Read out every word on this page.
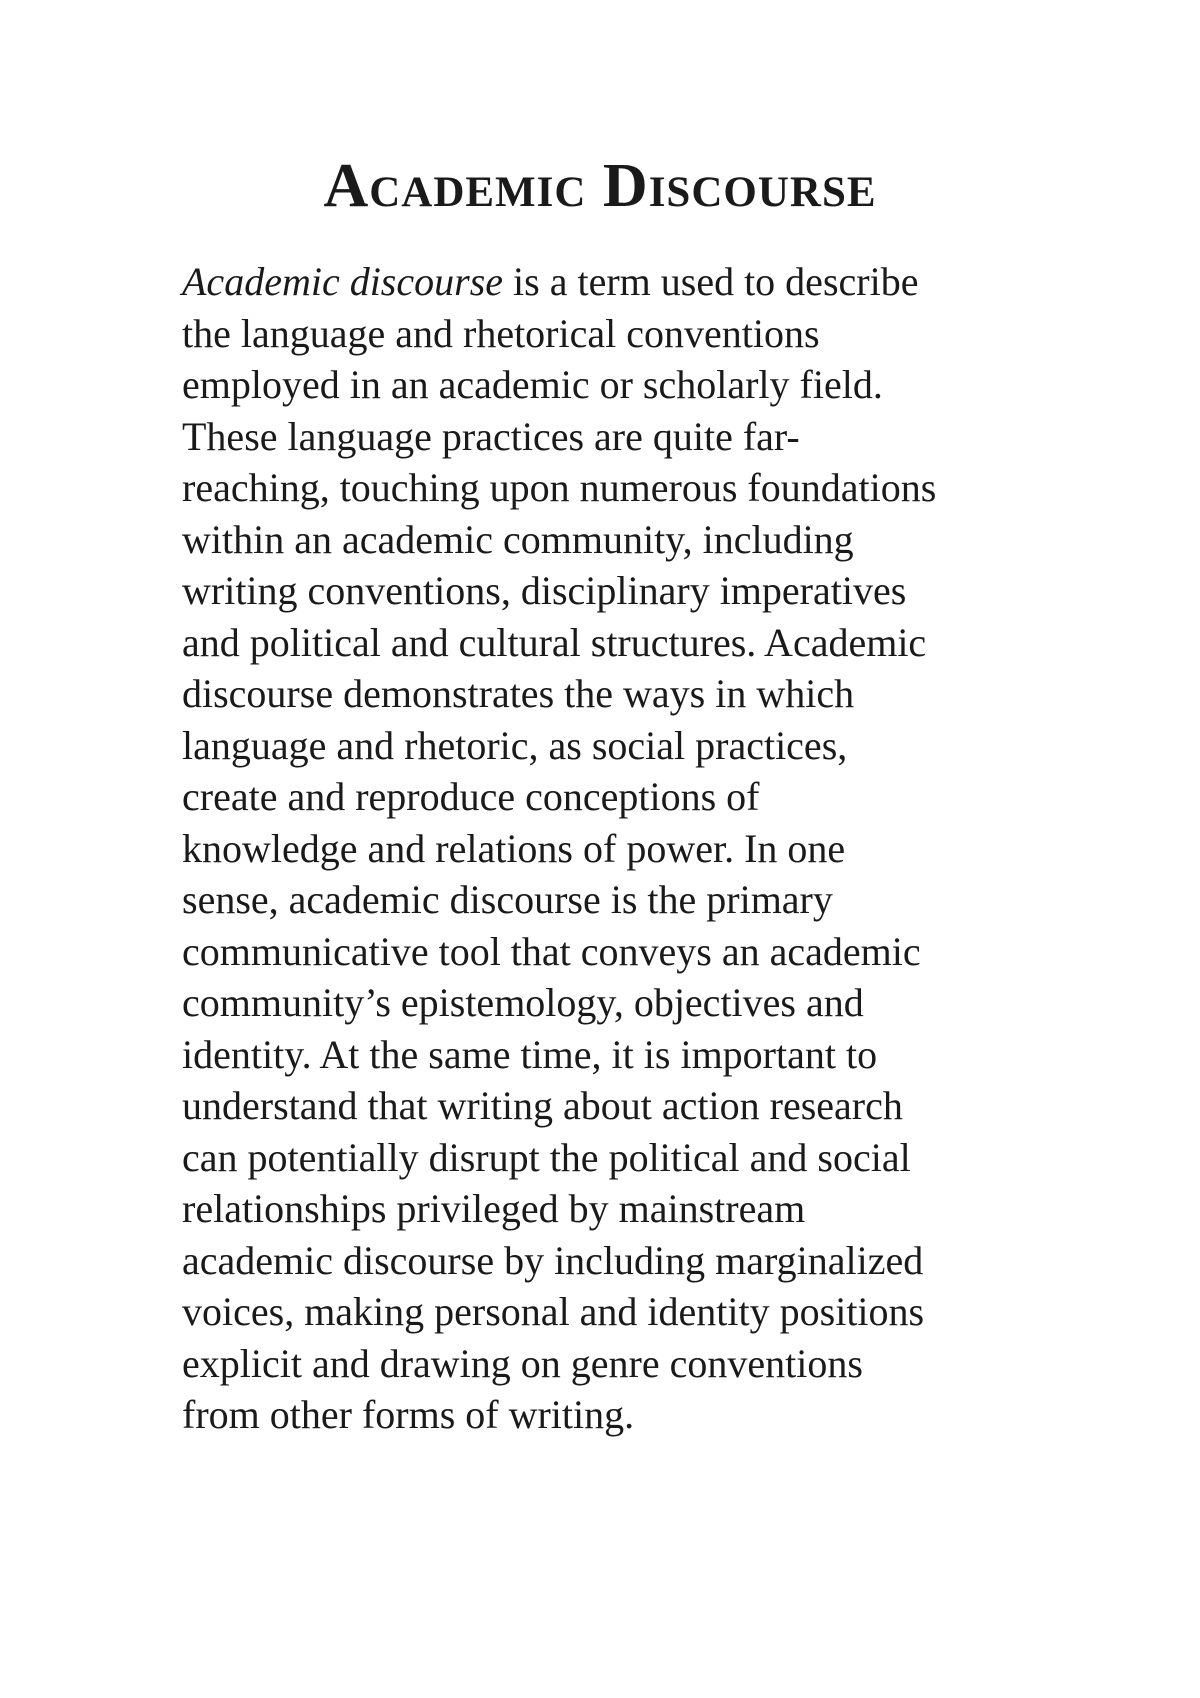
Academic Discourse

Academic discourse is a term used to describe
the language and rhetorical conventions
employed in an academic or scholarly field.
These language practices are quite far-
reaching, touching upon numerous foundations
within an academic community, including
writing conventions, disciplinary imperatives
and political and cultural structures. Academic
discourse demonstrates the ways in which
language and rhetoric, as social practices,
create and reproduce conceptions of
knowledge and relations of power. In one
sense, academic discourse is the primary
communicative tool that conveys an academic
community’s epistemology, objectives and
identity. At the same time, it is important to
understand that writing about action research
can potentially disrupt the political and social
relationships privileged by mainstream
academic discourse by including marginalized
voices, making personal and identity positions
explicit and drawing on genre conventions
from other forms of writing.
